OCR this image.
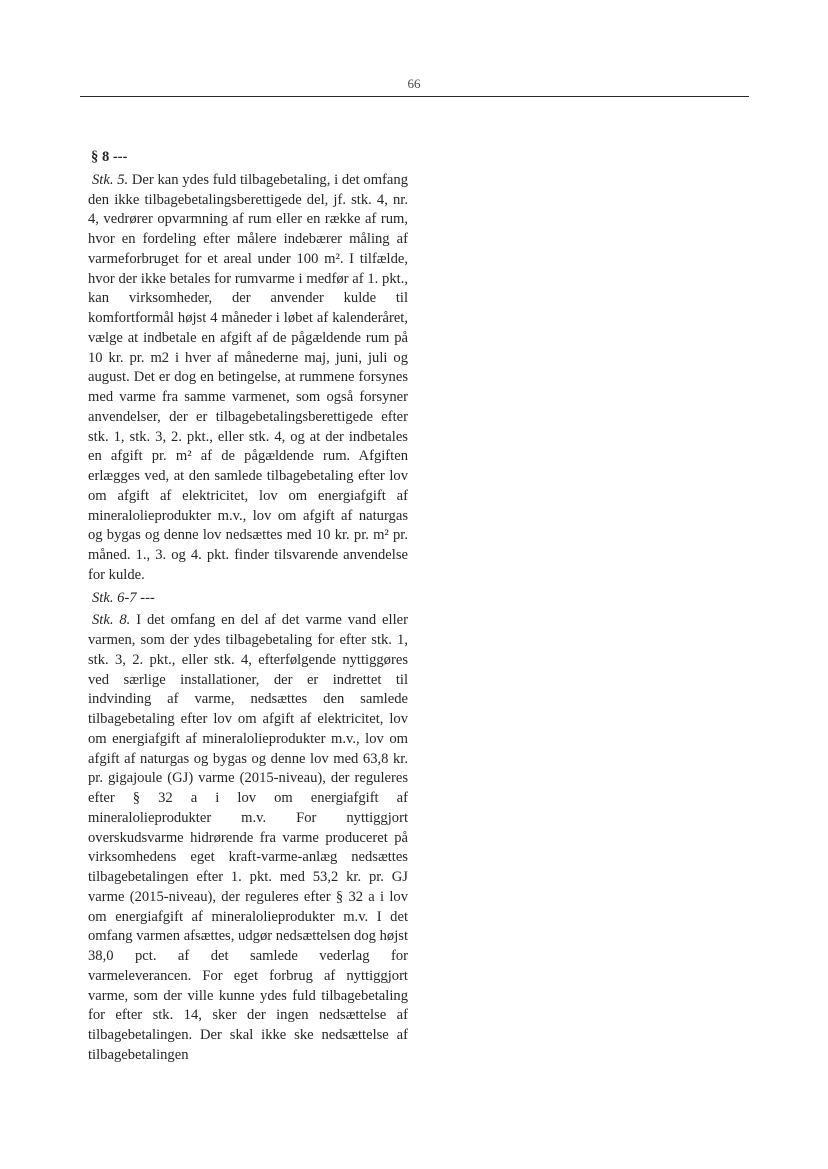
66
§ 8 ---

Stk. 5. Der kan ydes fuld tilbagebetaling, i det omfang den ikke tilbagebetalingsberettigede del, jf. stk. 4, nr. 4, vedrører opvarmning af rum eller en række af rum, hvor en fordeling efter målere indebærer måling af varmeforbruget for et areal under 100 m². I tilfælde, hvor der ikke betales for rumvarme i medfør af 1. pkt., kan virksomheder, der anvender kulde til komfortformål højst 4 måneder i løbet af kalenderåret, vælge at indbetale en afgift af de pågældende rum på 10 kr. pr. m2 i hver af månederne maj, juni, juli og august. Det er dog en betingelse, at rummene forsynes med varme fra samme varmenet, som også forsyner anvendelser, der er tilbagebetalingsberettigede efter stk. 1, stk. 3, 2. pkt., eller stk. 4, og at der indbetales en afgift pr. m² af de pågældende rum. Afgiften erlægges ved, at den samlede tilbagebetaling efter lov om afgift af elektricitet, lov om energiafgift af mineralolieprodukter m.v., lov om afgift af naturgas og bygas og denne lov nedsættes med 10 kr. pr. m² pr. måned. 1., 3. og 4. pkt. finder tilsvarende anvendelse for kulde.

Stk. 6-7 ---

Stk. 8. I det omfang en del af det varme vand eller varmen, som der ydes tilbagebetaling for efter stk. 1, stk. 3, 2. pkt., eller stk. 4, efterfølgende nyttiggøres ved særlige installationer, der er indrettet til indvinding af varme, nedsættes den samlede tilbagebetaling efter lov om afgift af elektricitet, lov om energiafgift af mineralolieprodukter m.v., lov om afgift af naturgas og bygas og denne lov med 63,8 kr. pr. gigajoule (GJ) varme (2015-niveau), der reguleres efter § 32 a i lov om energiafgift af mineralolieprodukter m.v. For nyttiggjort overskudsvarme hidrørende fra varme produceret på virksomhedens eget kraft-varme-anlæg nedsættes tilbagebetalingen efter 1. pkt. med 53,2 kr. pr. GJ varme (2015-niveau), der reguleres efter § 32 a i lov om energiafgift af mineralolieprodukter m.v. I det omfang varmen afsættes, udgør nedsættelsen dog højst 38,0 pct. af det samlede vederlag for varmeleverancen. For eget forbrug af nyttiggjort varme, som der ville kunne ydes fuld tilbagebetaling for efter stk. 14, sker der ingen nedsættelse af tilbagebetalingen. Der skal ikke ske nedsættelse af tilbagebetalingen
